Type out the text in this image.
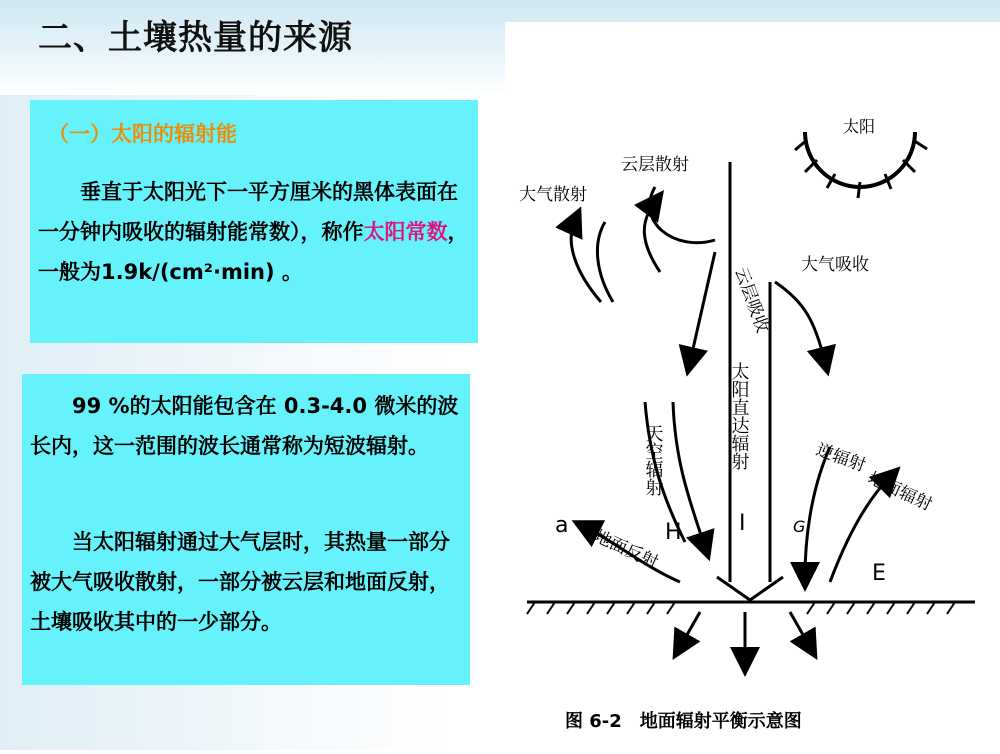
二、土壤热量的来源
（一）太阳的辐射能
垂直于太阳光下一平方厘米的黑体表面在一分钟内吸收的辐射能常数），称作太阳常数，一般为1.9k/(cm²·min) 。
99 %的太阳能包含在 0.3-4.0 微米的波长内，这一范围的波长通常称为短波辐射。
当太阳辐射通过大气层时，其热量一部分被大气吸收散射，一部分被云层和地面反射，土壤吸收其中的一少部分。
太阳
云层散射
大气散射
云层吸收 大气吸收
太阳直达辐射
天空辐射	逆辐射
G
地面辐射
地面反射
a	H	I
E
图 6-2　地面辐射平衡示意图
